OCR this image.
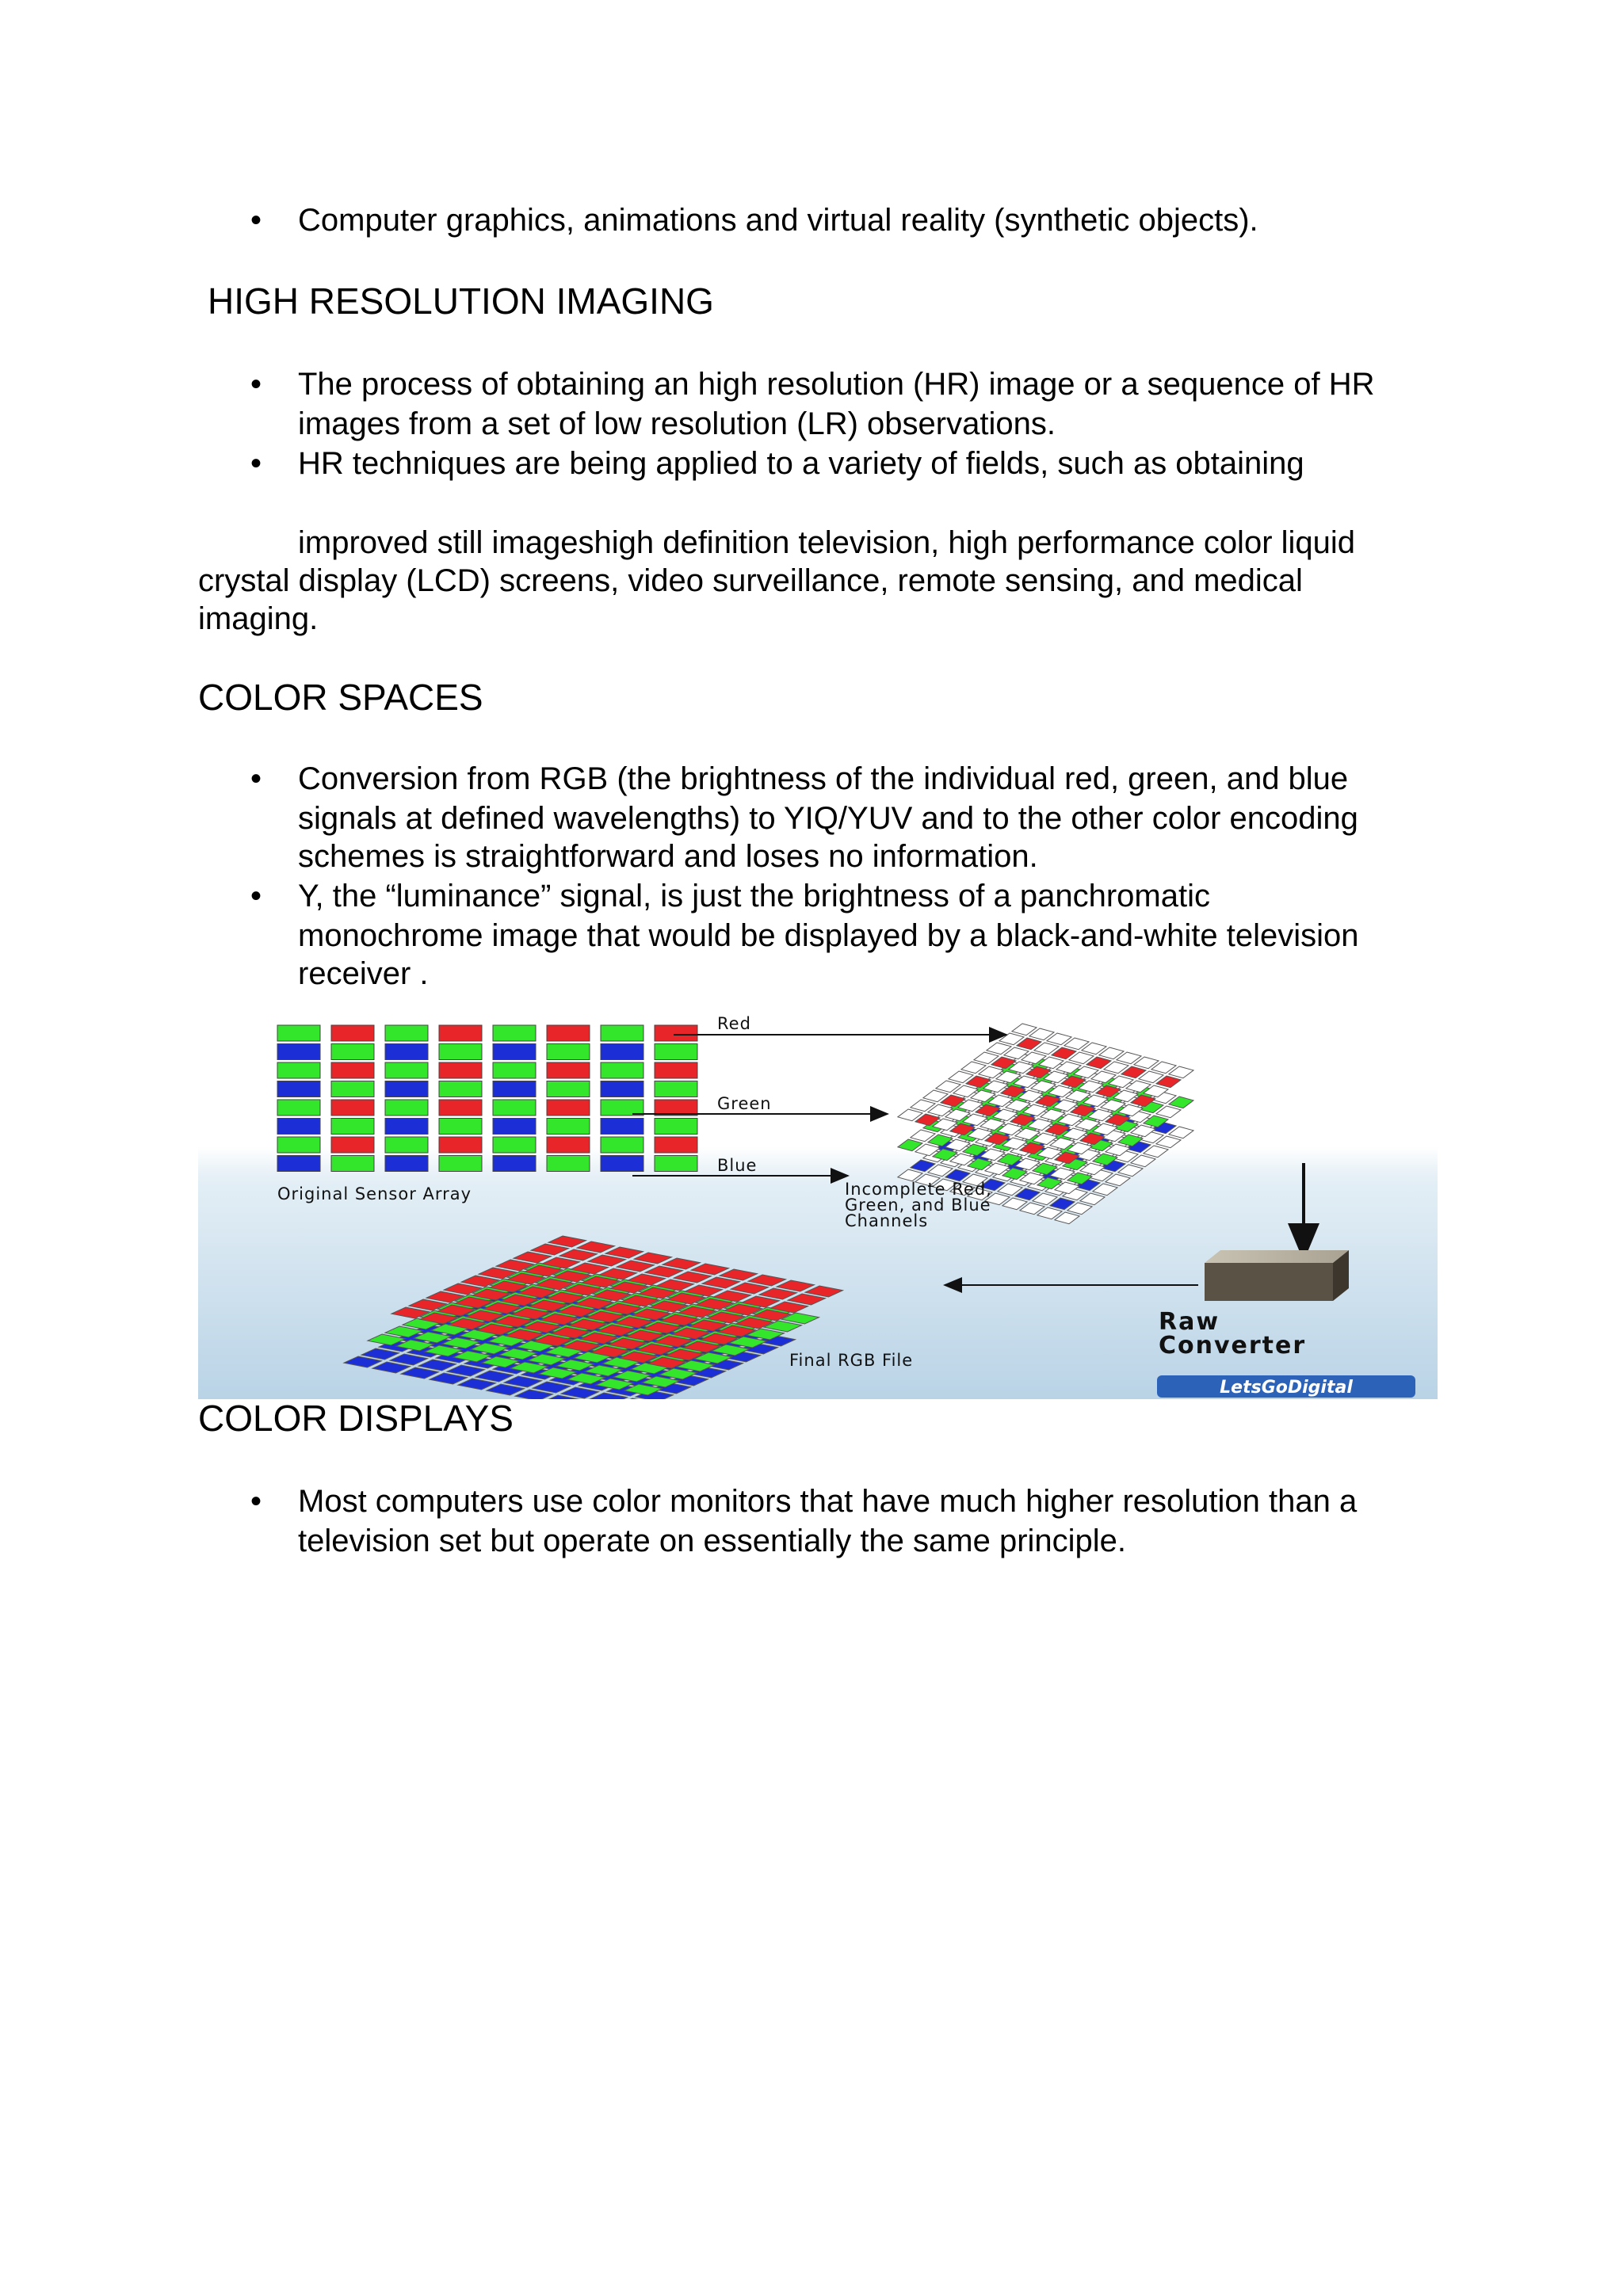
• Computer graphics, animations and virtual reality (synthetic objects).
HIGH RESOLUTION IMAGING
• The process of obtaining an high resolution (HR) image or a sequence of HR
images from a set of low resolution (LR) observations.
• HR techniques are being applied to a variety of fields, such as obtaining
improved still imageshigh definition television, high performance color liquid
crystal display (LCD) screens, video surveillance, remote sensing, and medical
imaging.
COLOR SPACES
• Conversion from RGB (the brightness of the individual red, green, and blue
signals at defined wavelengths) to YIQ/YUV and to the other color encoding
schemes is straightforward and loses no information.
• Y, the “luminance” signal, is just the brightness of a panchromatic
monochrome image that would be displayed by a black-and-white television
receiver .
Red
Green
Blue
Original Sensor Array	Incomplete Red,
Green, and Blue
Channels
Raw
Converter
Final RGB File
LetsGoDigital
COLOR DISPLAYS
• Most computers use color monitors that have much higher resolution than a
television set but operate on essentially the same principle.
